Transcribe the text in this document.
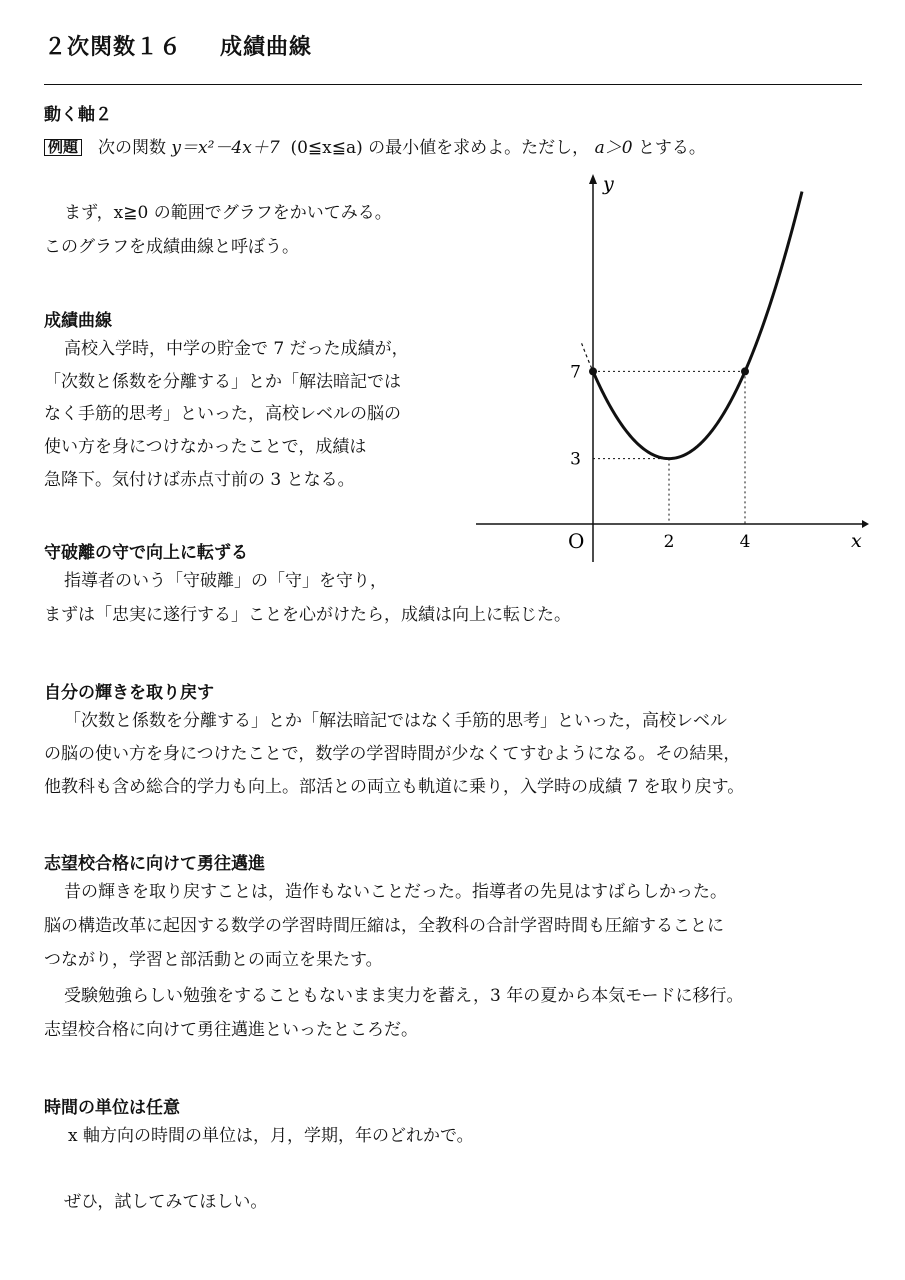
２次関数１６ 成績曲線
動く軸２
例題 次の関数 y＝x²－4x＋7 (0≦x≦a) の最小値を求めよ。ただし， a＞0 とする。
まず，x≧0 の範囲でグラフをかいてみる。
このグラフを成績曲線と呼ぼう。
成績曲線
高校入学時，中学の貯金で 7 だった成績が，
「次数と係数を分離する」とか「解法暗記では
なく手筋的思考」といった，高校レベルの脳の
使い方を身につけなかったことで，成績は
急降下。気付けば赤点寸前の 3 となる。
守破離の守で向上に転ずる
指導者のいう「守破離」の「守」を守り，
まずは「忠実に遂行する」ことを心がけたら，成績は向上に転じた。
自分の輝きを取り戻す
「次数と係数を分離する」とか「解法暗記ではなく手筋的思考」といった，高校レベル
の脳の使い方を身につけたことで，数学の学習時間が少なくてすむようになる。その結果，
他教科も含め総合的学力も向上。部活との両立も軌道に乗り，入学時の成績 7 を取り戻す。
志望校合格に向けて勇往邁進
昔の輝きを取り戻すことは，造作もないことだった。指導者の先見はすばらしかった。
脳の構造改革に起因する数学の学習時間圧縮は，全教科の合計学習時間も圧縮することに
つながり，学習と部活動との両立を果たす。
受験勉強らしい勉強をすることもないまま実力を蓄え，3 年の夏から本気モードに移行。
志望校合格に向けて勇往邁進といったところだ。
時間の単位は任意
x 軸方向の時間の単位は，月，学期，年のどれかで。
ぜひ，試してみてほしい。
x
y
O	2	4
3
7
